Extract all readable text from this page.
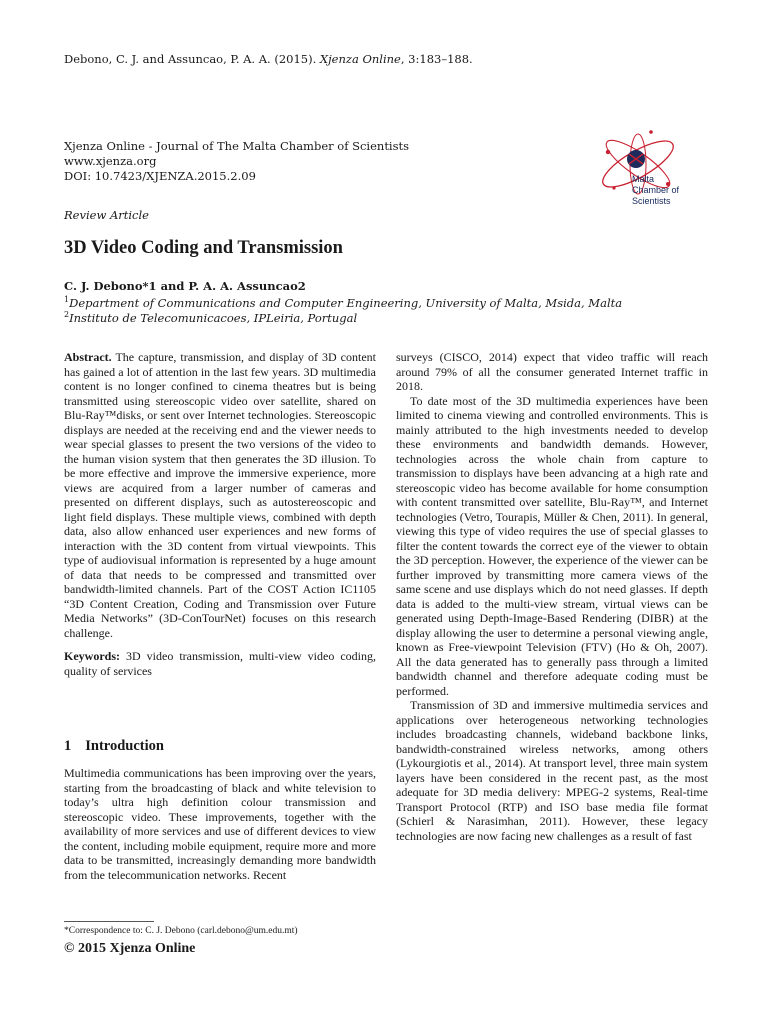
Debono, C. J. and Assuncao, P. A. A. (2015). Xjenza Online, 3:183–188.
Xjenza Online - Journal of The Malta Chamber of Scientists
www.xjenza.org
DOI: 10.7423/XJENZA.2015.2.09	Malta
Chamber of
Scientists
Review Article
3D Video Coding and Transmission
C. J. Debono*1 and P. A. A. Assuncao2
$^1$Department of Communications and Computer Engineering, University of Malta, Msida, Malta
$^2$Instituto de Telecomunicacoes, IPLeiria, Portugal

Abstract. The capture, transmission, and display of 3D content has gained a lot of attention in the last few years. 3D multimedia content is no longer confined to cinema theatres but is being transmitted using stereoscopic video over satellite, shared on Blu-Ray™disks, or sent over Internet technologies. Stereoscopic displays are needed at the receiving end and the viewer needs to wear special glasses to present the two versions of the video to the human vision system that then generates the 3D illusion. To be more effective and improve the immersive experience, more views are acquired from a larger number of cameras and presented on different displays, such as autostereoscopic and light field displays. These multiple views, combined with depth data, also allow enhanced user experiences and new forms of interaction with the 3D content from virtual viewpoints. This type of audiovisual information is represented by a huge amount of data that needs to be compressed and transmitted over bandwidth-limited channels. Part of the COST Action IC1105 “3D Content Creation, Coding and Transmission over Future Media Networks” (3D-ConTourNet) focuses on this research challenge.

Keywords: 3D video transmission, multi-view video coding, quality of services

1 Introduction

Multimedia communications has been improving over the years, starting from the broadcasting of black and white television to today’s ultra high definition colour transmission and stereoscopic video. These improvements, together with the availability of more services and use of different devices to view the content, including mobile equipment, require more and more data to be transmitted, increasingly demanding more bandwidth from the telecommunication networks. Recent

surveys (CISCO, 2014) expect that video traffic will reach around 79% of all the consumer generated Internet traffic in 2018.

To date most of the 3D multimedia experiences have been limited to cinema viewing and controlled environments. This is mainly attributed to the high investments needed to develop these environments and bandwidth demands. However, technologies across the whole chain from capture to transmission to displays have been advancing at a high rate and stereoscopic video has become available for home consumption with content transmitted over satellite, Blu-Ray™, and Internet technologies (Vetro, Tourapis, Müller & Chen, 2011). In general, viewing this type of video requires the use of special glasses to filter the content towards the correct eye of the viewer to obtain the 3D perception. However, the experience of the viewer can be further improved by transmitting more camera views of the same scene and use displays which do not need glasses. If depth data is added to the multi-view stream, virtual views can be generated using Depth-Image-Based Rendering (DIBR) at the display allowing the user to determine a personal viewing angle, known as Free-viewpoint Television (FTV) (Ho & Oh, 2007). All the data generated has to generally pass through a limited bandwidth channel and therefore adequate coding must be performed.

Transmission of 3D and immersive multimedia services and applications over heterogeneous networking technologies includes broadcasting channels, wideband backbone links, bandwidth-constrained wireless networks, among others (Lykourgiotis et al., 2014). At transport level, three main system layers have been considered in the recent past, as the most adequate for 3D media delivery: MPEG-2 systems, Real-time Transport Protocol (RTP) and ISO base media file format (Schierl & Narasimhan, 2011). However, these legacy technologies are now facing new challenges as a result of fast

*Correspondence to: C. J. Debono (carl.debono@um.edu.mt)
© 2015 Xjenza Online
